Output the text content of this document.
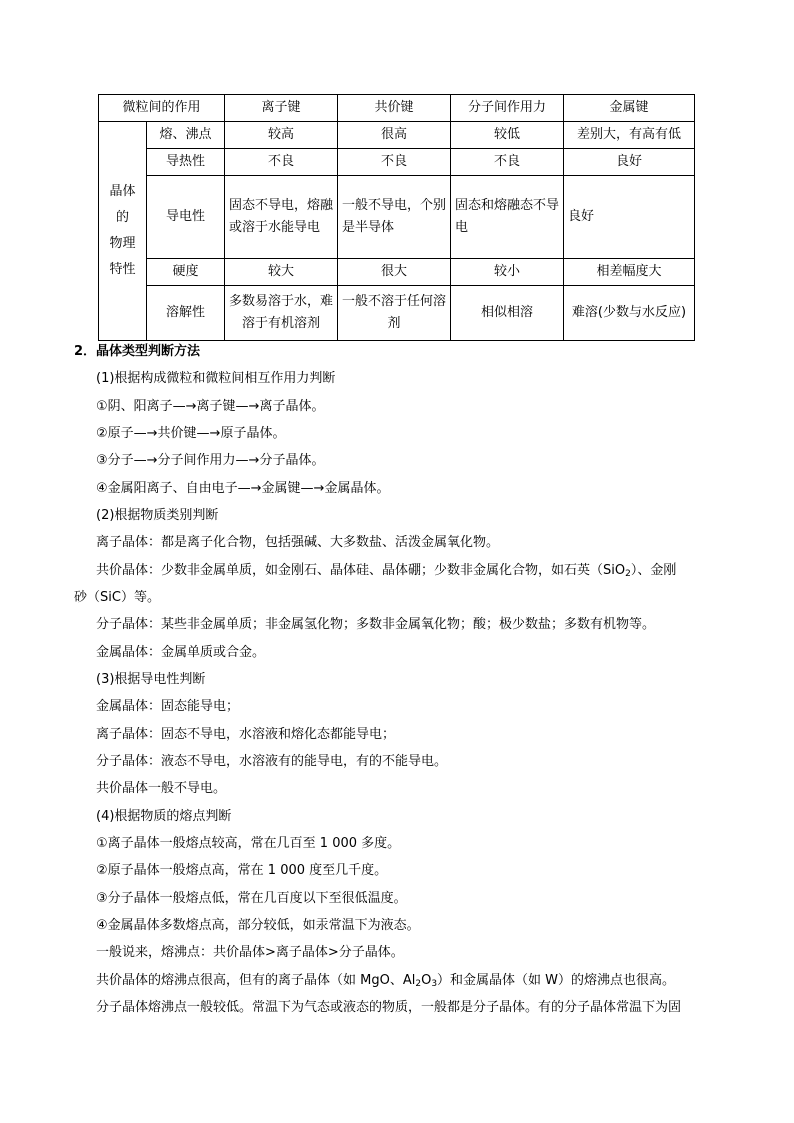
微粒间的作用		离子键	共价键	分子间作用力	金属键

晶体
的
物理
特性	熔、沸点	较高	很高	较低	差别大，有高有低
	导热性	不良	不良	不良	良好
	导电性	固态不导电，熔融或溶于水能导电	一般不导电，个别是半导体	固态和熔融态不导电	良好
	硬度	较大	很大	较小	相差幅度大
	溶解性	多数易溶于水，难溶于有机溶剂	一般不溶于任何溶剂	相似相溶	难溶(少数与水反应)
2．晶体类型判断方法
(1)根据构成微粒和微粒间相互作用力判断
①阴、阳离子—→离子键—→离子晶体。
②原子—→共价键—→原子晶体。
③分子—→分子间作用力—→分子晶体。
④金属阳离子、自由电子—→金属键—→金属晶体。
(2)根据物质类别判断
离子晶体：都是离子化合物，包括强碱、大多数盐、活泼金属氧化物。
共价晶体：少数非金属单质，如金刚石、晶体硅、晶体硼；少数非金属化合物，如石英（SiO$_2$）、金刚
砂（SiC）等。
分子晶体：某些非金属单质；非金属氢化物；多数非金属氧化物；酸；极少数盐；多数有机物等。
金属晶体：金属单质或合金。
(3)根据导电性判断
金属晶体：固态能导电；
离子晶体：固态不导电，水溶液和熔化态都能导电；
分子晶体：液态不导电，水溶液有的能导电，有的不能导电。
共价晶体一般不导电。
(4)根据物质的熔点判断
①离子晶体一般熔点较高，常在几百至 1 000 多度。
②原子晶体一般熔点高，常在 1 000 度至几千度。
③分子晶体一般熔点低，常在几百度以下至很低温度。
④金属晶体多数熔点高，部分较低，如汞常温下为液态。
一般说来，熔沸点：共价晶体>离子晶体>分子晶体。
共价晶体的熔沸点很高，但有的离子晶体（如 MgO、$Al_2O_3$）和金属晶体（如 W）的熔沸点也很高。
分子晶体熔沸点一般较低。常温下为气态或液态的物质，一般都是分子晶体。有的分子晶体常温下为固
